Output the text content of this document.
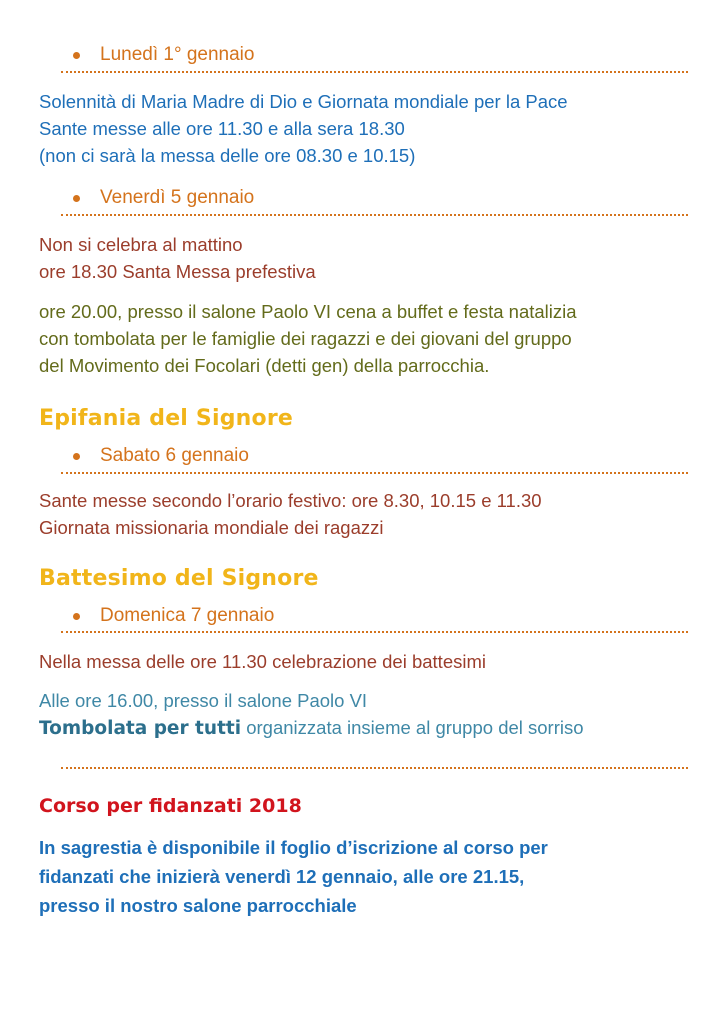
Lunedì 1° gennaio
Solennità di Maria Madre di Dio e Giornata mondiale per la Pace
Sante messe alle ore 11.30 e alla sera 18.30
(non ci sarà la messa delle ore 08.30 e 10.15)
Venerdì 5 gennaio
Non si celebra al mattino
ore 18.30 Santa Messa prefestiva
ore 20.00, presso il salone Paolo VI cena a buffet e festa natalizia
con tombolata per le famiglie dei ragazzi e dei giovani del gruppo
del Movimento dei Focolari (detti gen) della parrocchia.
Epifania del Signore
Sabato 6 gennaio
Sante messe secondo l’orario festivo: ore 8.30, 10.15 e 11.30
Giornata missionaria mondiale dei ragazzi
Battesimo del Signore
Domenica 7 gennaio
Nella messa delle ore 11.30 celebrazione dei battesimi
Alle ore 16.00, presso il salone Paolo VI
Tombolata per tutti organizzata insieme al gruppo del sorriso
Corso per fidanzati 2018
In sagrestia è disponibile il foglio d’iscrizione al corso per
fidanzati che inizierà venerdì 12 gennaio, alle ore 21.15,
presso il nostro salone parrocchiale
